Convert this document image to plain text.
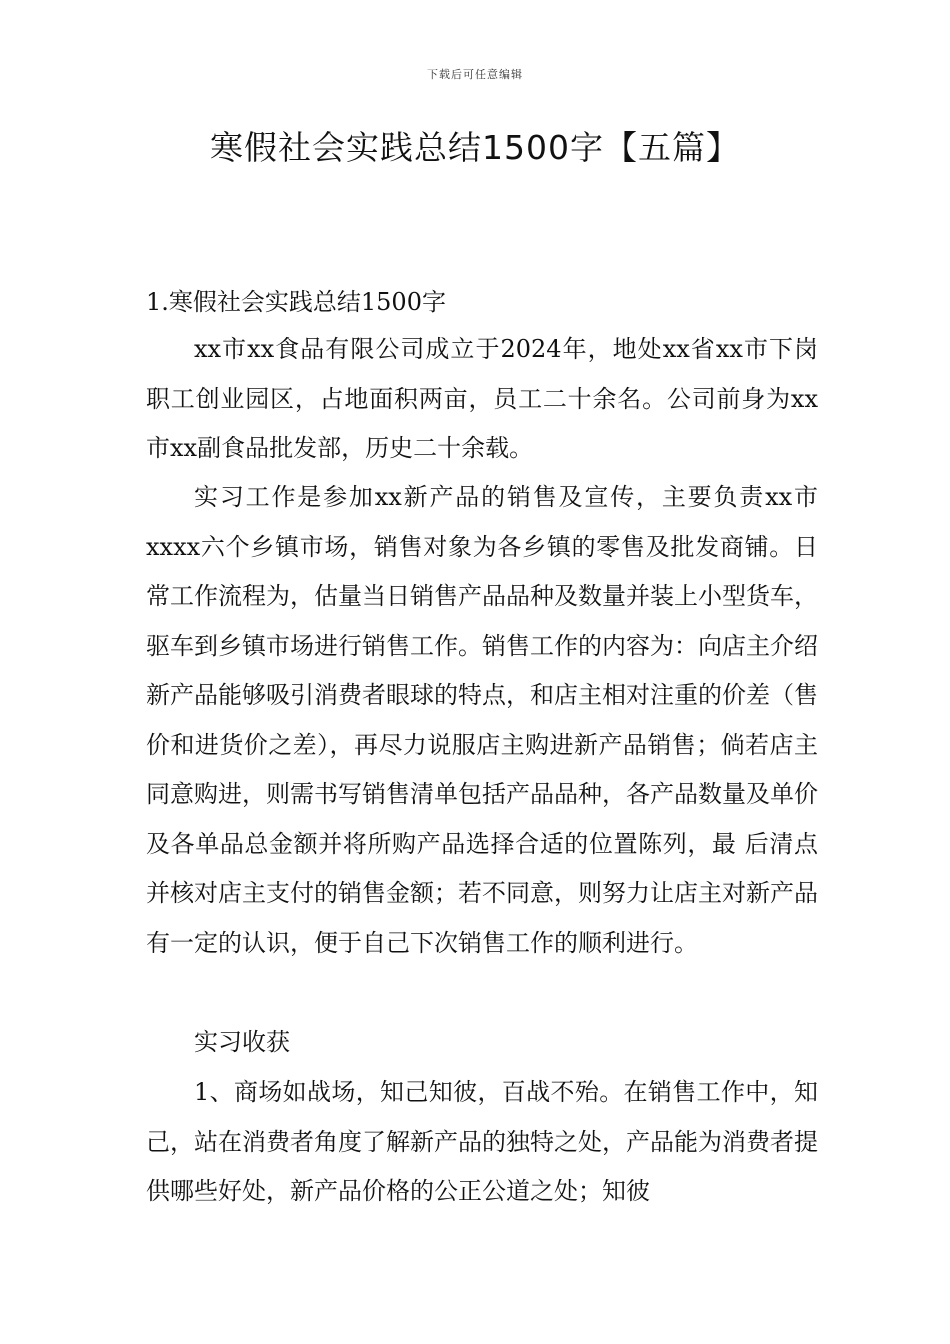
下载后可任意编辑
寒假社会实践总结1500字【五篇】
1.寒假社会实践总结1500字

xx市xx食品有限公司成立于2024年，地处xx省xx市下岗职工创业园区，占地面积两亩，员工二十余名。公司前身为xx市xx副食品批发部，历史二十余载。

实习工作是参加xx新产品的销售及宣传，主要负责xx市xxxx六个乡镇市场，销售对象为各乡镇的零售及批发商铺。日常工作流程为，估量当日销售产品品种及数量并装上小型货车，驱车到乡镇市场进行销售工作。销售工作的内容为：向店主介绍新产品能够吸引消费者眼球的特点，和店主相对注重的价差（售价和进货价之差），再尽力说服店主购进新产品销售；倘若店主同意购进，则需书写销售清单包括产品品种，各产品数量及单价及各单品总金额并将所购产品选择合适的位置陈列，最 后清点并核对店主支付的销售金额；若不同意，则努力让店主对新产品有一定的认识，便于自己下次销售工作的顺利进行。

实习收获

1、商场如战场，知己知彼，百战不殆。在销售工作中，知己，站在消费者角度了解新产品的独特之处，产品能为消费者提供哪些好处，新产品价格的公正公道之处；知彼
